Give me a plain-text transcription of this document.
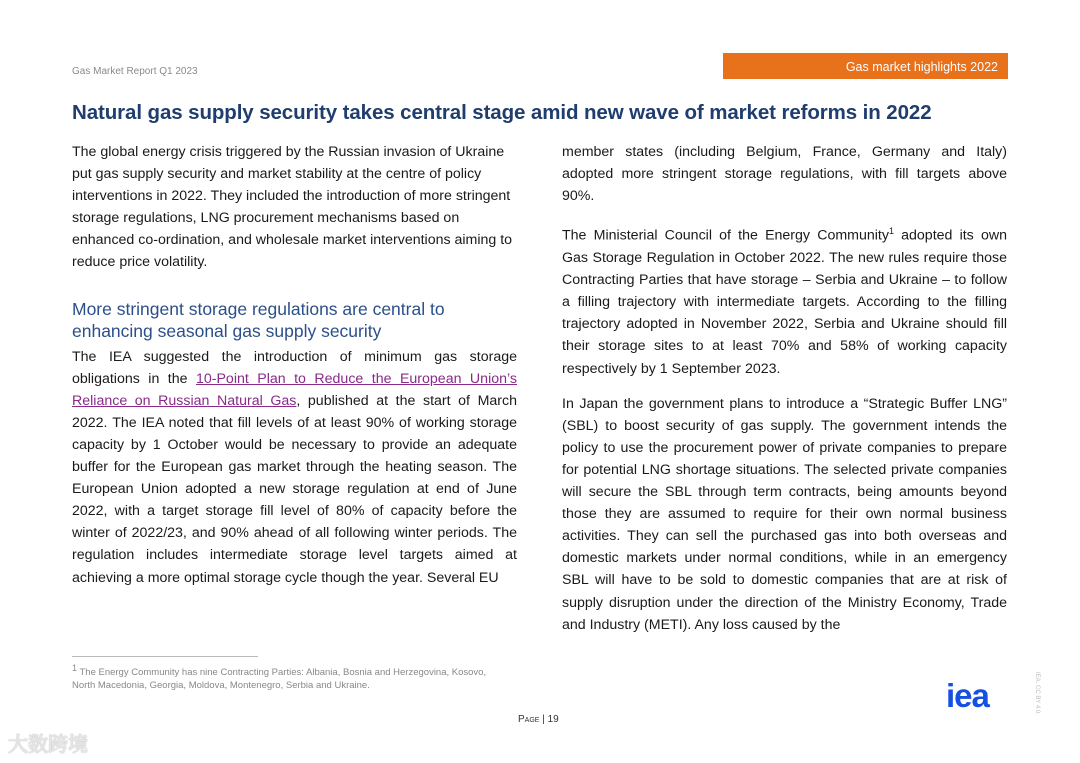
Gas Market Report Q1 2023	Gas market highlights 2022
Natural gas supply security takes central stage amid new wave of market reforms in 2022

The global energy crisis triggered by the Russian invasion of Ukraine put gas supply security and market stability at the centre of policy interventions in 2022. They included the introduction of more stringent storage regulations, LNG procurement mechanisms based on enhanced co-ordination, and wholesale market interventions aiming to reduce price volatility.

More stringent storage regulations are central to enhancing seasonal gas supply security

The IEA suggested the introduction of minimum gas storage obligations in the 10-Point Plan to Reduce the European Union’s Reliance on Russian Natural Gas, published at the start of March 2022. The IEA noted that fill levels of at least 90% of working storage capacity by 1 October would be necessary to provide an adequate buffer for the European gas market through the heating season. The European Union adopted a new storage regulation at end of June 2022, with a target storage fill level of 80% of capacity before the winter of 2022/23, and 90% ahead of all following winter periods. The regulation includes intermediate storage level targets aimed at achieving a more optimal storage cycle though the year. Several EU

member states (including Belgium, France, Germany and Italy) adopted more stringent storage regulations, with fill targets above 90%.

The Ministerial Council of the Energy Community$^1$ adopted its own Gas Storage Regulation in October 2022. The new rules require those Contracting Parties that have storage – Serbia and Ukraine – to follow a filling trajectory with intermediate targets. According to the filling trajectory adopted in November 2022, Serbia and Ukraine should fill their storage sites to at least 70% and 58% of working capacity respectively by 1 September 2023.

In Japan the government plans to introduce a “Strategic Buffer LNG” (SBL) to boost security of gas supply. The government intends the policy to use the procurement power of private companies to prepare for potential LNG shortage situations. The selected private companies will secure the SBL through term contracts, being amounts beyond those they are assumed to require for their own normal business activities. They can sell the purchased gas into both overseas and domestic markets under normal conditions, while in an emergency SBL will have to be sold to domestic companies that are at risk of supply disruption under the direction of the Ministry Economy, Trade and Industry (METI). Any loss caused by the

$^1$ The Energy Community has nine Contracting Parties: Albania, Bosnia and Herzegovina, Kosovo, North Macedonia, Georgia, Moldova, Montenegro, Serbia and Ukraine.
Page | 19
iea	IEA. CC BY 4.0.
大数跨境
